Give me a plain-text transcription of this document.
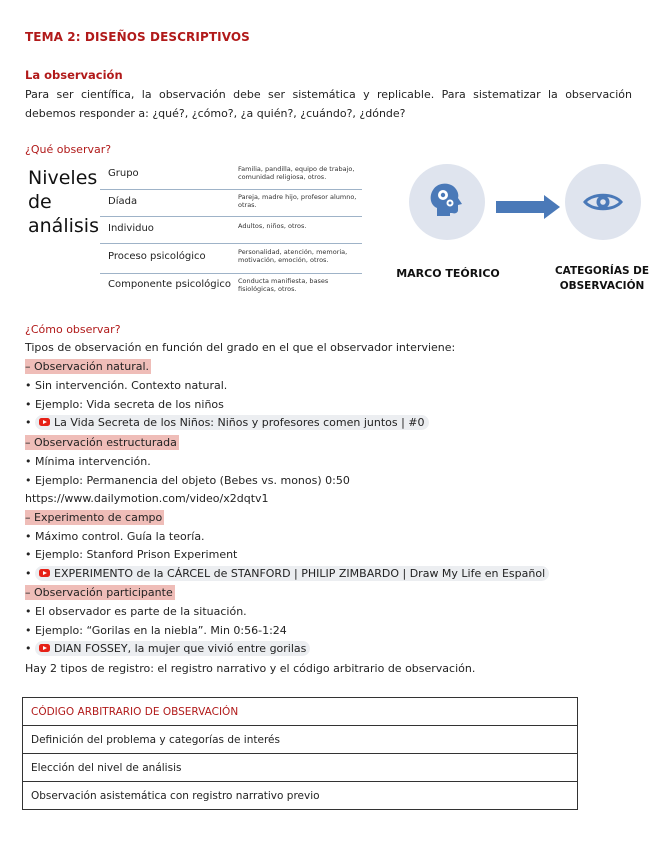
TEMA 2: DISEÑOS DESCRIPTIVOS
La observación
Para ser científica, la observación debe ser sistemática y replicable. Para sistematizar la observación debemos responder a: ¿qué?, ¿cómo?, ¿a quién?, ¿cuándo?, ¿dónde?
¿Qué observar?
Niveles
de
análisis
Grupo	Familia, pandilla, equipo de trabajo, comunidad religiosa, otros.
Díada	Pareja, madre hijo, profesor alumno, otras.
Individuo	Adultos, niños, otros.
Proceso psicológico	Personalidad, atención, memoria, motivación, emoción, otros.
Componente psicológico Conducta manifiesta, bases fisiológicas, otros.
MARCO TEÓRICO	CATEGORÍAS DE
OBSERVACIÓN
¿Cómo observar?
Tipos de observación en función del grado en el que el observador interviene:
– Observación natural.
• Sin intervención. Contexto natural.
• Ejemplo: Vida secreta de los niños
• La Vida Secreta de los Niños: Niños y profesores comen juntos | #0
– Observación estructurada
• Mínima intervención.
• Ejemplo: Permanencia del objeto (Bebes vs. monos) 0:50
https://www.dailymotion.com/video/x2dqtv1
– Experimento de campo
• Máximo control. Guía la teoría.
• Ejemplo: Stanford Prison Experiment
• EXPERIMENTO de la CÁRCEL de STANFORD | PHILIP ZIMBARDO | Draw My Life en Español
– Observación participante
• El observador es parte de la situación.
• Ejemplo: “Gorilas en la niebla”. Min 0:56-1:24
• DIAN FOSSEY, la mujer que vivió entre gorilas
Hay 2 tipos de registro: el registro narrativo y el código arbitrario de observación.
CÓDIGO ARBITRARIO DE OBSERVACIÓN
Definición del problema y categorías de interés
Elección del nivel de análisis
Observación asistemática con registro narrativo previo
